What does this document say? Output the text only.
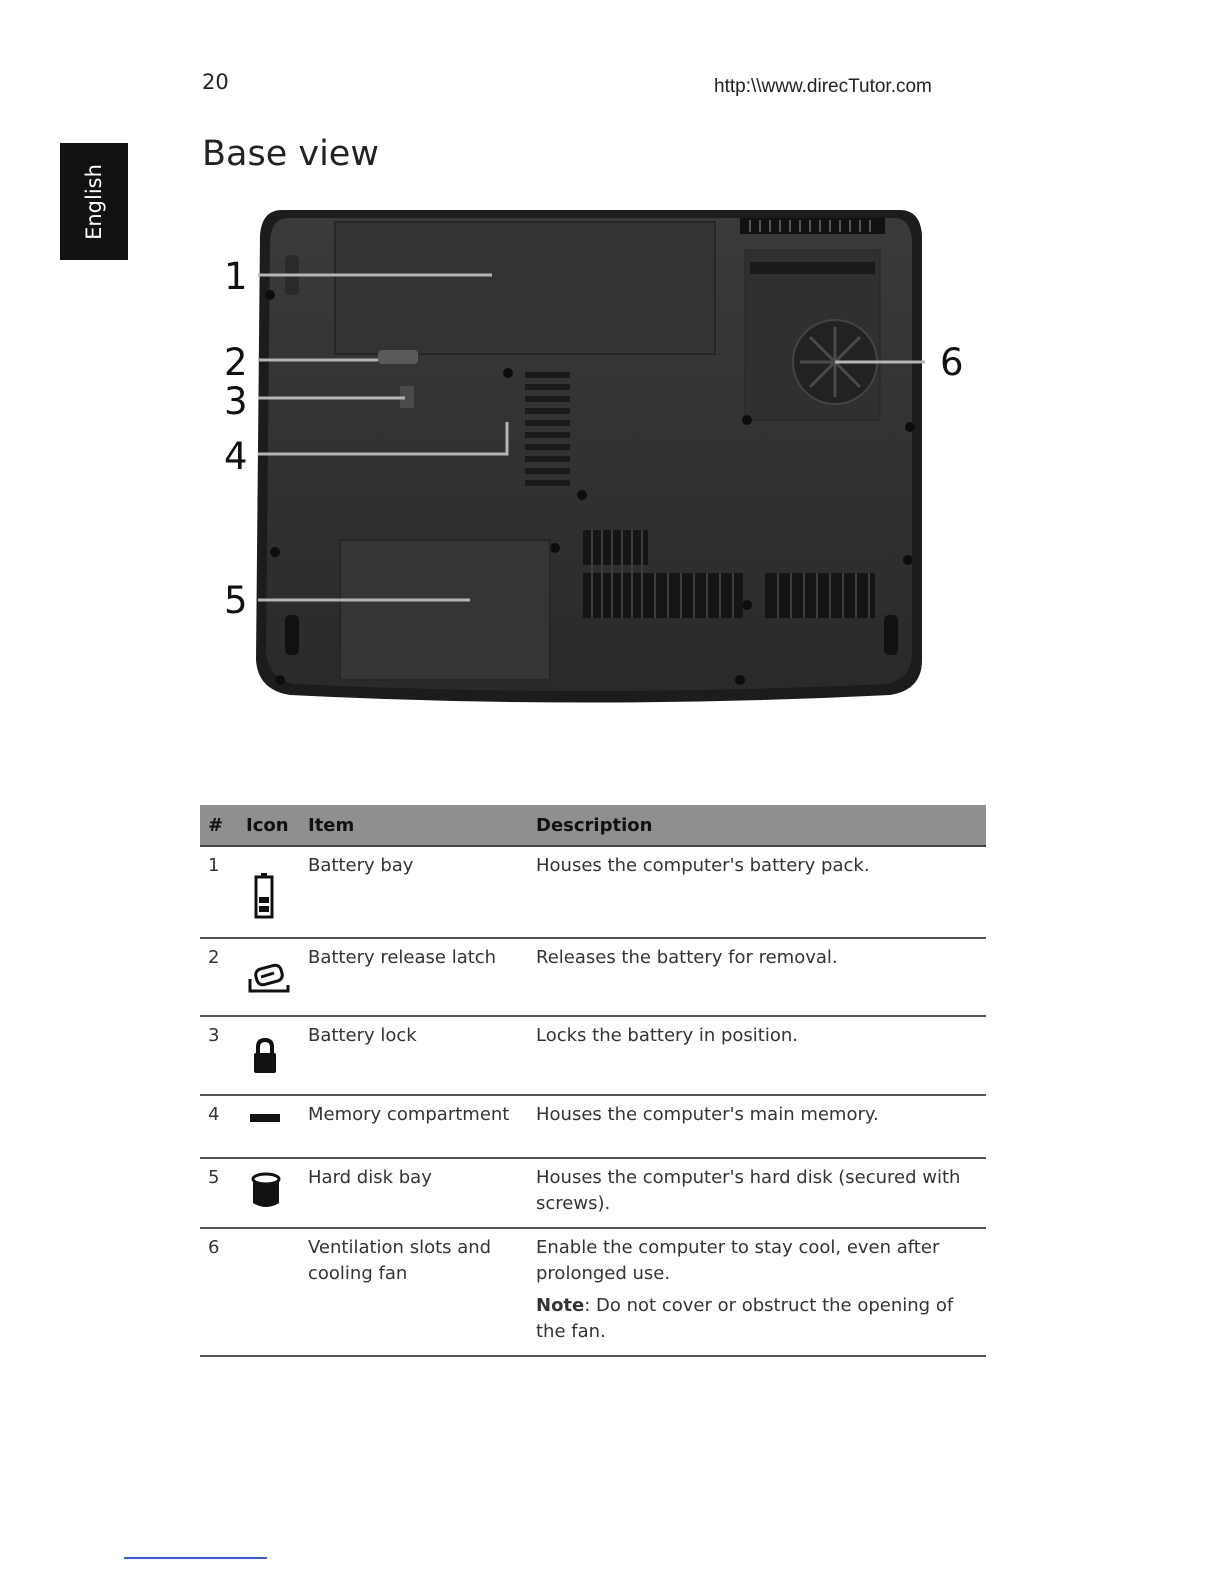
20	http:\\www.direcTutor.com
English
Base view
1
2
3
4
5
6
#	Icon	Item	Description
1		Battery bay	Houses the computer's battery pack.
2		Battery release latch	Releases the battery for removal.
3		Battery lock	Locks the battery in position.
4		Memory compartment	Houses the computer's main memory.
5		Hard disk bay	Houses the computer's hard disk (secured with screws).
6		Ventilation slots and cooling fan	Enable the computer to stay cool, even after prolonged use.
Note: Do not cover or obstruct the opening of the fan.
